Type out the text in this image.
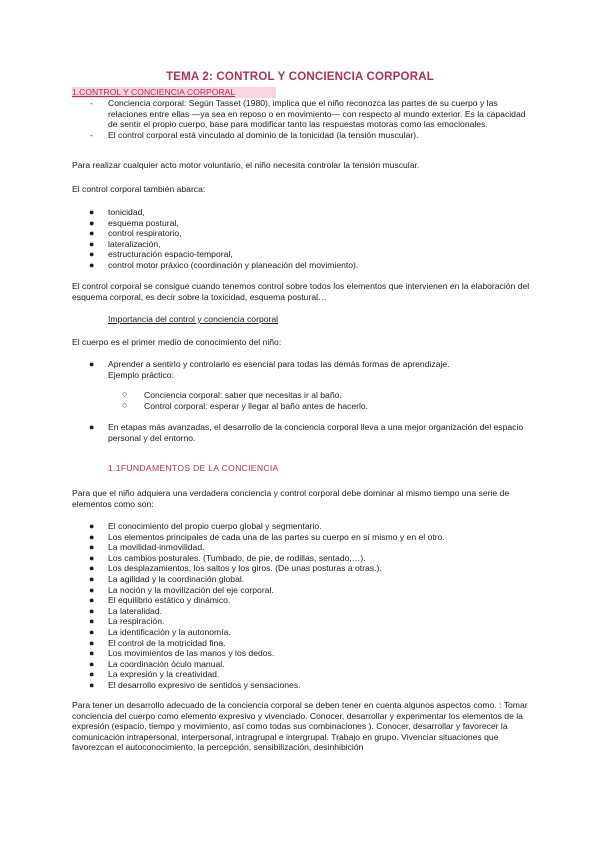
TEMA 2: CONTROL Y CONCIENCIA CORPORAL
1.CONTROL Y CONCIENCIA CORPORAL
- Conciencia corporal: Según Tasset (1980), implica que el niño reconozca las partes de su cuerpo y las relaciones entre ellas —ya sea en reposo o en movimiento— con respecto al mundo exterior. Es la capacidad de sentir el propio cuerpo, base para modificar tanto las respuestas motoras como las emocionales.
- El control corporal está vinculado al dominio de la tonicidad (la tensión muscular).

Para realizar cualquier acto motor voluntario, el niño necesita controlar la tensión muscular.

El control corporal también abarca:

● tonicidad,
● esquema postural,
● control respiratorio,
● lateralización,
● estructuración espacio-temporal,
● control motor práxico (coordinación y planeación del movimiento).

El control corporal se consigue cuando tenemos control sobre todos los elementos que intervienen en la elaboración del esquema corporal, es decir sobre la toxicidad, esquema postural…

Importancia del control y conciencia corporal

El cuerpo es el primer medio de conocimiento del niño:

● Aprender a sentirlo y controlarlo es esencial para todas las demás formas de aprendizaje.
Ejemplo práctico:
○ Conciencia corporal: saber que necesitas ir al baño.
○ Control corporal: esperar y llegar al baño antes de hacerlo.
● En etapas más avanzadas, el desarrollo de la conciencia corporal lleva a una mejor organización del espacio personal y del entorno.
1.1FUNDAMENTOS DE LA CONCIENCIA

Para que el niño adquiera una verdadera conciencia y control corporal debe dominar al mismo tiempo una serie de elementos como son:

● El conocimiento del propio cuerpo global y segmentario.
● Los elementos principales de cada una de las partes su cuerpo en sí mismo y en el otro.
● La movilidad-inmovilidad.
● Los cambios posturales. (Tumbado, de pie, de rodillas, sentado,…).
● Los desplazamientos, los saltos y los giros. (De unas posturas a otras.).
● La agilidad y la coordinación global.
● La noción y la movilización del eje corporal.
● El equilibrio estático y dinámico.
● La lateralidad.
● La respiración.
● La identificación y la autonomía.
● El control de la motricidad fina.
● Los movimientos de las manos y los dedos.
● La coordinación óculo manual.
● La expresión y la creatividad.
● El desarrollo expresivo de sentidos y sensaciones.

Para tener un desarrollo adecuado de la conciencia corporal se deben tener en cuenta algunos aspectos como. : Tomar conciencia del cuerpo como elemento expresivo y vivenciado. Conocer, desarrollar y experimentar los elementos de la expresión (espacio, tiempo y movimiento, así como todas sus combinaciones ). Conocer, desarrollar y favorecer la comunicación intrapersonal, interpersonal, intragrupal e intergrupal. Trabajo en grupo. Vivenciar situaciones que favorezcan el autoconocimiento, la percepción, sensibilización, desinhibición
